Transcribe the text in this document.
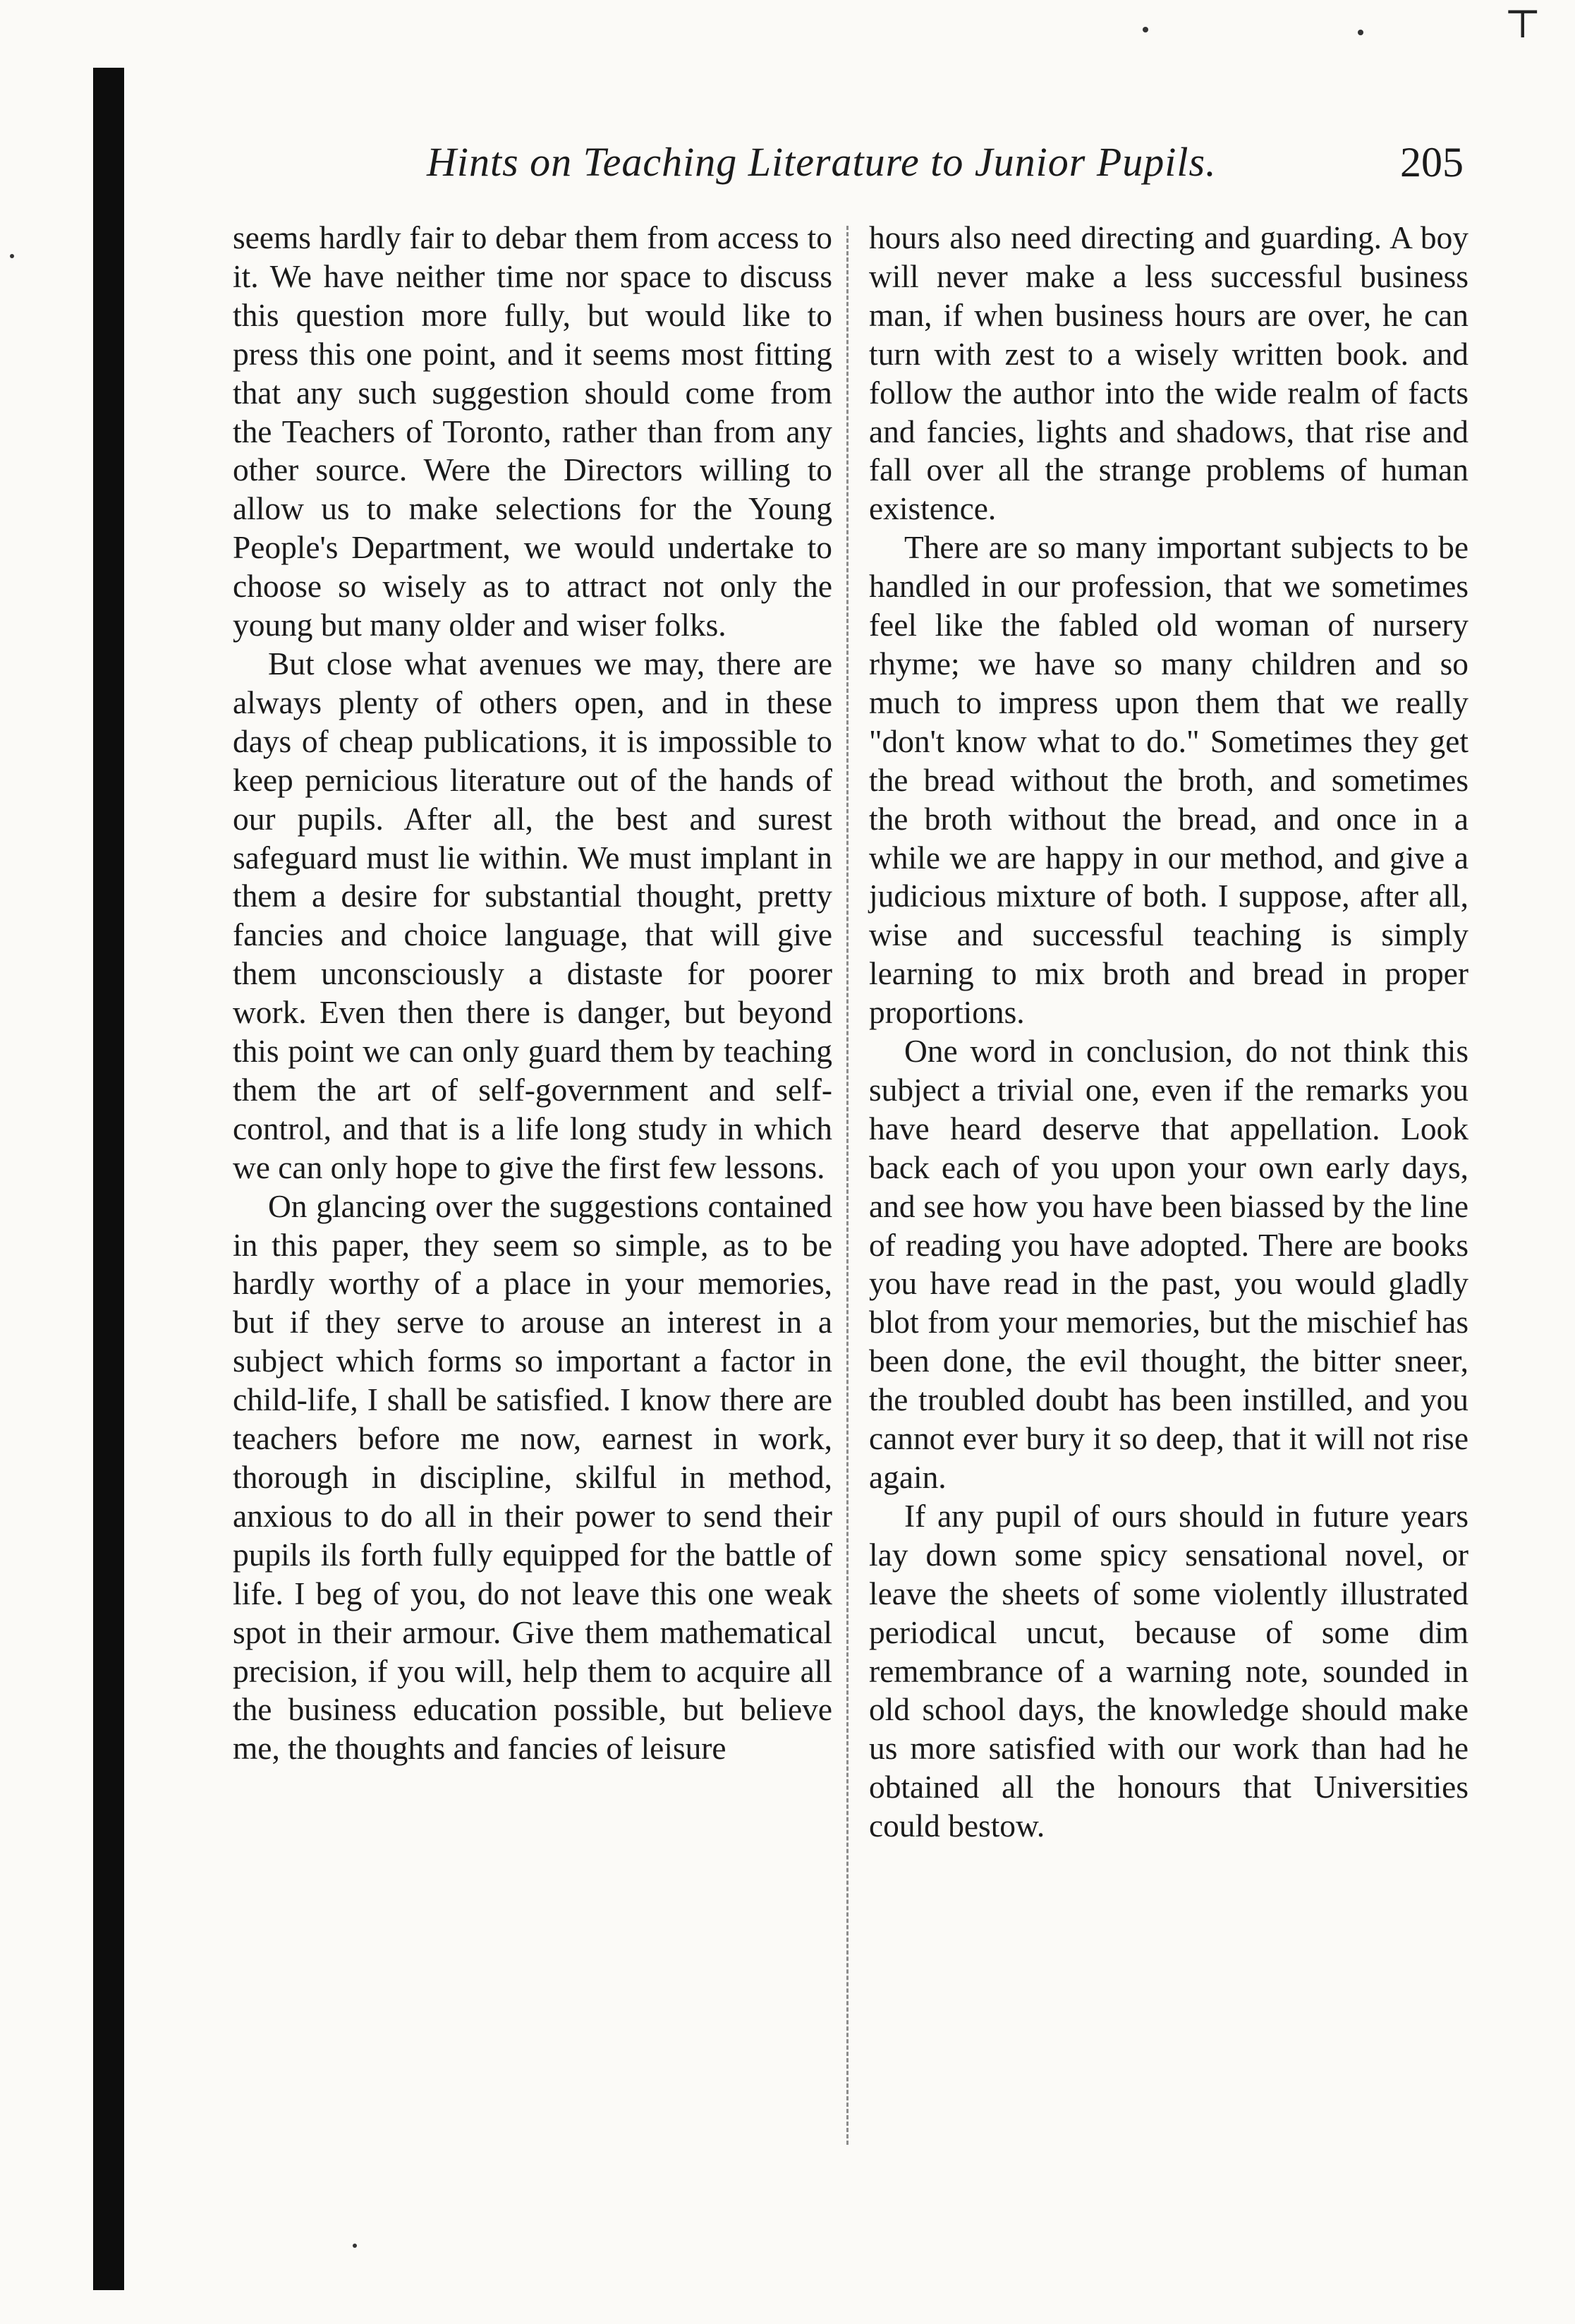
⊤
Hints on Teaching Literature to Junior Pupils.	205

seems hardly fair to debar them from access to it. We have neither time nor space to discuss this question more fully, but would like to press this one point, and it seems most fitting that any such suggestion should come from the Teachers of Toronto, rather than from any other source. Were the Directors willing to allow us to make selections for the Young People's Department, we would undertake to choose so wisely as to attract not only the young but many older and wiser folks.

But close what avenues we may, there are always plenty of others open, and in these days of cheap publications, it is impossible to keep pernicious literature out of the hands of our pupils. After all, the best and surest safeguard must lie within. We must implant in them a desire for substantial thought, pretty fancies and choice language, that will give them unconsciously a distaste for poorer work. Even then there is danger, but beyond this point we can only guard them by teaching them the art of self-government and self-control, and that is a life long study in which we can only hope to give the first few lessons.

On glancing over the suggestions contained in this paper, they seem so simple, as to be hardly worthy of a place in your memories, but if they serve to arouse an interest in a subject which forms so important a factor in child-life, I shall be satisfied. I know there are teachers before me now, earnest in work, thorough in discipline, skilful in method, anxious to do all in their power to send their pupils ils forth fully equipped for the battle of life. I beg of you, do not leave this one weak spot in their armour. Give them mathematical precision, if you will, help them to acquire all the business education possible, but believe me, the thoughts and fancies of leisure

hours also need directing and guarding. A boy will never make a less successful business man, if when business hours are over, he can turn with zest to a wisely written book. and follow the author into the wide realm of facts and fancies, lights and shadows, that rise and fall over all the strange problems of human existence.

There are so many important subjects to be handled in our profession, that we sometimes feel like the fabled old woman of nursery rhyme; we have so many children and so much to impress upon them that we really "don't know what to do." Sometimes they get the bread without the broth, and sometimes the broth without the bread, and once in a while we are happy in our method, and give a judicious mixture of both. I suppose, after all, wise and successful teaching is simply learning to mix broth and bread in proper proportions.

One word in conclusion, do not think this subject a trivial one, even if the remarks you have heard deserve that appellation. Look back each of you upon your own early days, and see how you have been biassed by the line of reading you have adopted. There are books you have read in the past, you would gladly blot from your memories, but the mischief has been done, the evil thought, the bitter sneer, the troubled doubt has been instilled, and you cannot ever bury it so deep, that it will not rise again.

If any pupil of ours should in future years lay down some spicy sensational novel, or leave the sheets of some violently illustrated periodical uncut, because of some dim remembrance of a warning note, sounded in old school days, the knowledge should make us more satisfied with our work than had he obtained all the honours that Universities could bestow.
